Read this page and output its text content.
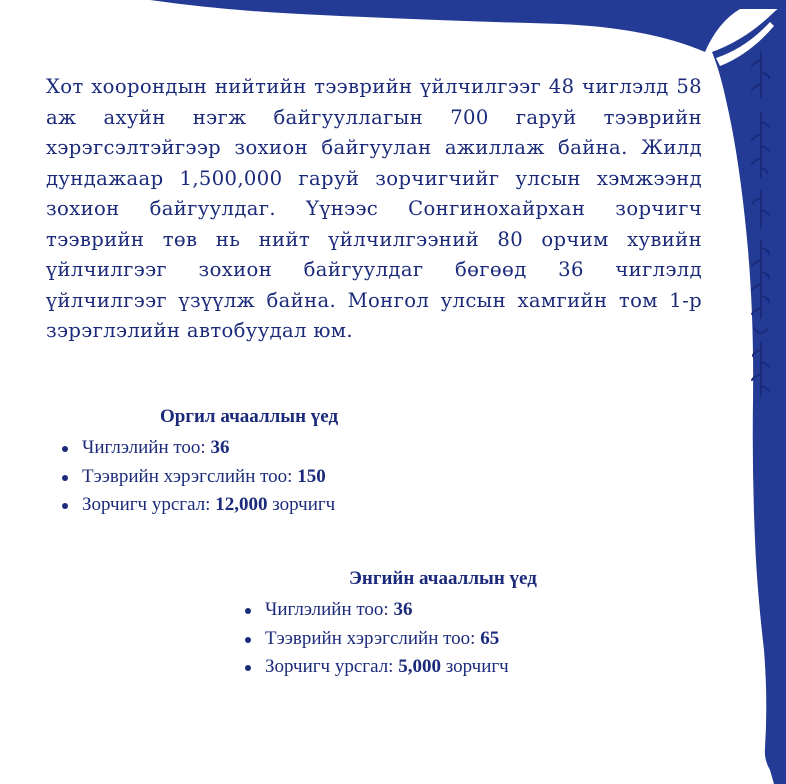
Хот хоорондын нийтийн тээврийн үйлчилгээг 48 чиглэлд 58 аж ахуйн нэгж байгууллагын 700 гаруй тээврийн хэрэгсэлтэйгээр зохион байгуулан ажиллаж байна. Жилд дундажаар 1,500,000 гаруй зорчигчийг улсын хэмжээнд зохион байгуулдаг. Үүнээс Сонгинохайрхан зорчигч тээврийн төв нь нийт үйлчилгээний 80 орчим хувийн үйлчилгээг зохион байгуулдаг бөгөөд 36 чиглэлд үйлчилгээг үзүүлж байна. Монгол улсын хамгийн том 1-р зэрэглэлийн автобуудал юм.

Оргил ачааллын үед
Чиглэлийн тоо: 36
Тээврийн хэрэгслийн тоо: 150
Зорчигч урсгал: 12,000 зорчигч
Энгийн ачааллын үед
Чиглэлийн тоо: 36
Тээврийн хэрэгслийн тоо: 65
Зорчигч урсгал: 5,000 зорчигч
